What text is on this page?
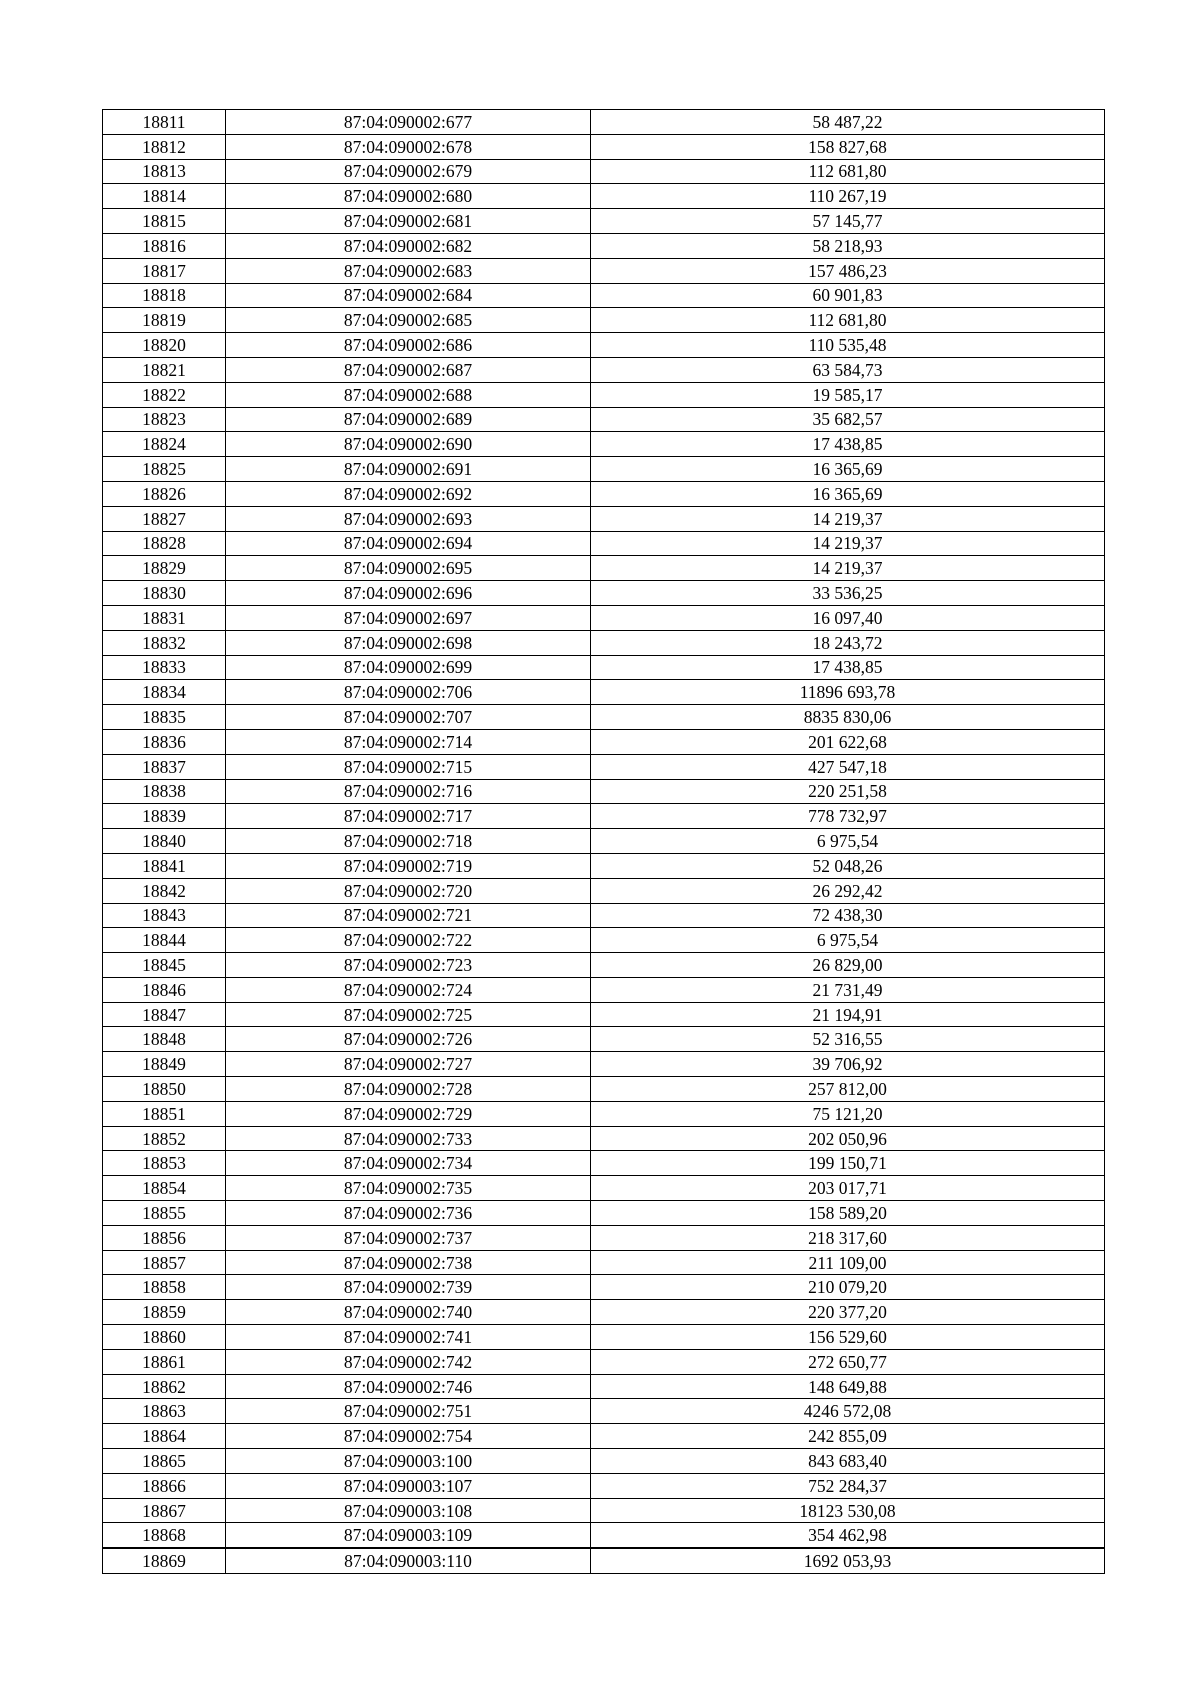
18811	87:04:090002:677	58 487,22
18812	87:04:090002:678	158 827,68
18813	87:04:090002:679	112 681,80
18814	87:04:090002:680	110 267,19
18815	87:04:090002:681	57 145,77
18816	87:04:090002:682	58 218,93
18817	87:04:090002:683	157 486,23
18818	87:04:090002:684	60 901,83
18819	87:04:090002:685	112 681,80
18820	87:04:090002:686	110 535,48
18821	87:04:090002:687	63 584,73
18822	87:04:090002:688	19 585,17
18823	87:04:090002:689	35 682,57
18824	87:04:090002:690	17 438,85
18825	87:04:090002:691	16 365,69
18826	87:04:090002:692	16 365,69
18827	87:04:090002:693	14 219,37
18828	87:04:090002:694	14 219,37
18829	87:04:090002:695	14 219,37
18830	87:04:090002:696	33 536,25
18831	87:04:090002:697	16 097,40
18832	87:04:090002:698	18 243,72
18833	87:04:090002:699	17 438,85
18834	87:04:090002:706	11896 693,78
18835	87:04:090002:707	8835 830,06
18836	87:04:090002:714	201 622,68
18837	87:04:090002:715	427 547,18
18838	87:04:090002:716	220 251,58
18839	87:04:090002:717	778 732,97
18840	87:04:090002:718	6 975,54
18841	87:04:090002:719	52 048,26
18842	87:04:090002:720	26 292,42
18843	87:04:090002:721	72 438,30
18844	87:04:090002:722	6 975,54
18845	87:04:090002:723	26 829,00
18846	87:04:090002:724	21 731,49
18847	87:04:090002:725	21 194,91
18848	87:04:090002:726	52 316,55
18849	87:04:090002:727	39 706,92
18850	87:04:090002:728	257 812,00
18851	87:04:090002:729	75 121,20
18852	87:04:090002:733	202 050,96
18853	87:04:090002:734	199 150,71
18854	87:04:090002:735	203 017,71
18855	87:04:090002:736	158 589,20
18856	87:04:090002:737	218 317,60
18857	87:04:090002:738	211 109,00
18858	87:04:090002:739	210 079,20
18859	87:04:090002:740	220 377,20
18860	87:04:090002:741	156 529,60
18861	87:04:090002:742	272 650,77
18862	87:04:090002:746	148 649,88
18863	87:04:090002:751	4246 572,08
18864	87:04:090002:754	242 855,09
18865	87:04:090003:100	843 683,40
18866	87:04:090003:107	752 284,37
18867	87:04:090003:108	18123 530,08
18868	87:04:090003:109	354 462,98
18869	87:04:090003:110	1692 053,93
